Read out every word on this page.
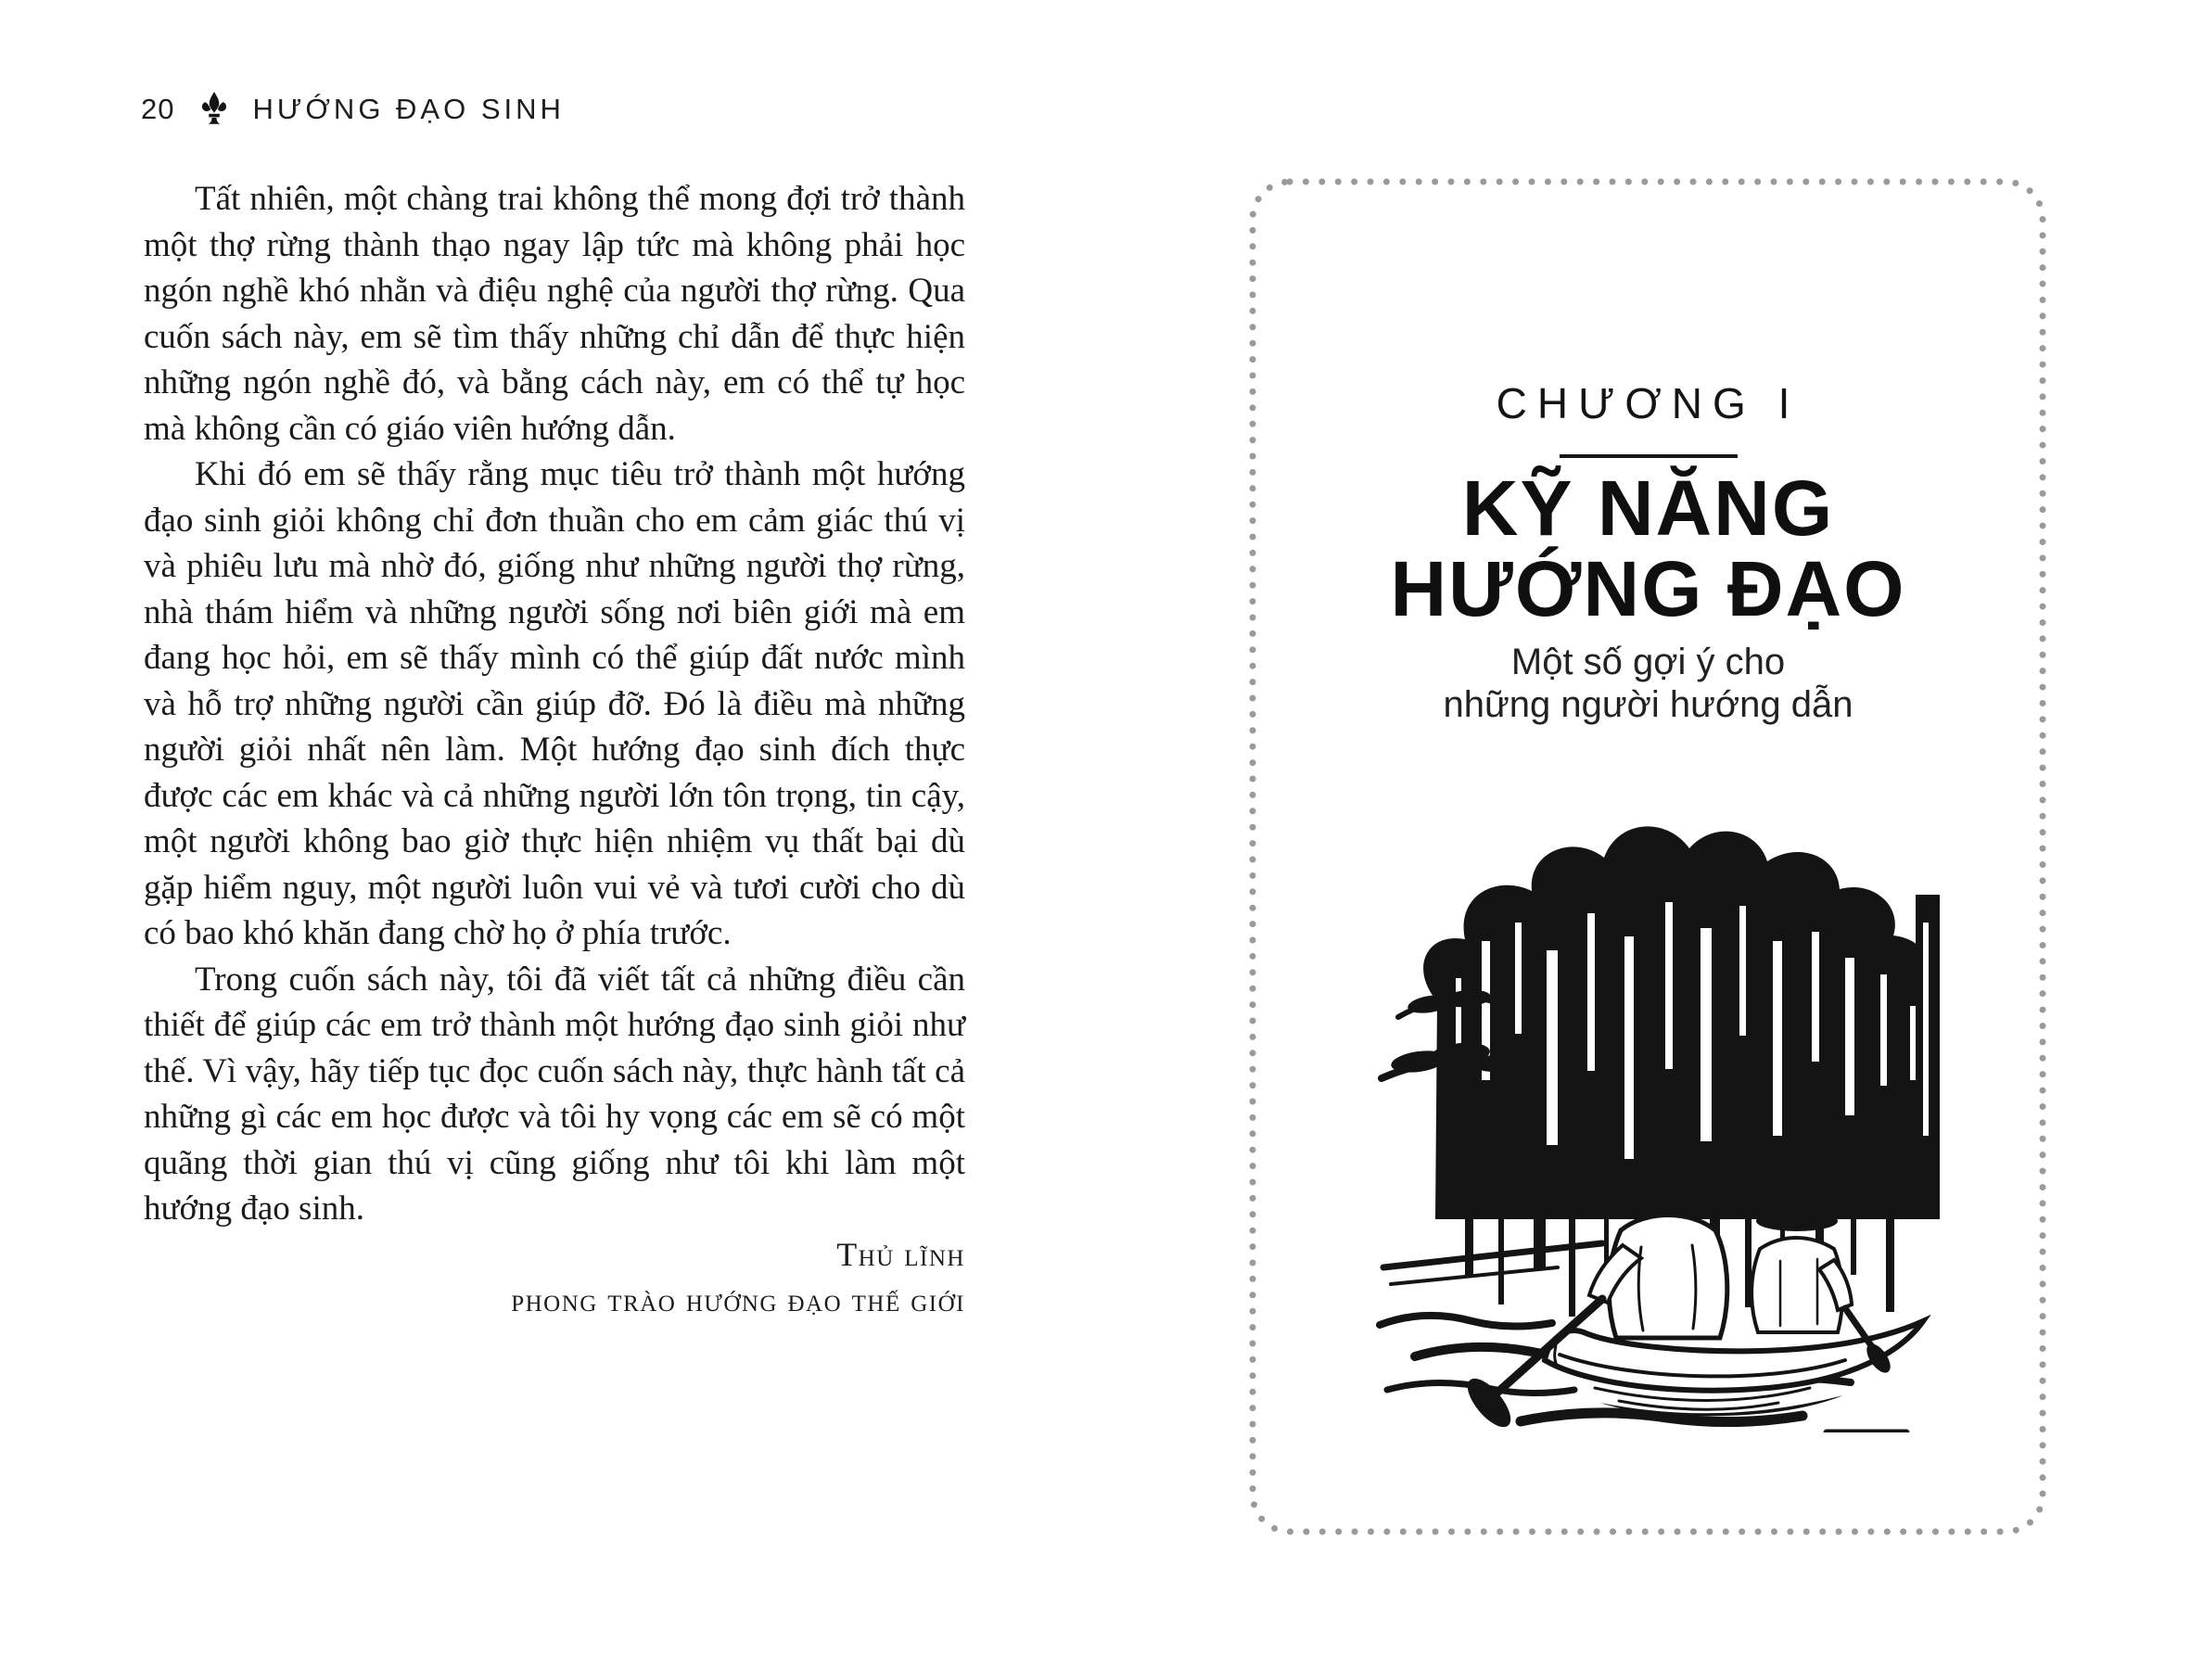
20	HƯỚNG ĐẠO SINH

Tất nhiên, một chàng trai không thể mong đợi trở thành một thợ rừng thành thạo ngay lập tức mà không phải học ngón nghề khó nhằn và điệu nghệ của người thợ rừng. Qua cuốn sách này, em sẽ tìm thấy những chỉ dẫn để thực hiện những ngón nghề đó, và bằng cách này, em có thể tự học mà không cần có giáo viên hướng dẫn.

Khi đó em sẽ thấy rằng mục tiêu trở thành một hướng đạo sinh giỏi không chỉ đơn thuần cho em cảm giác thú vị và phiêu lưu mà nhờ đó, giống như những người thợ rừng, nhà thám hiểm và những người sống nơi biên giới mà em đang học hỏi, em sẽ thấy mình có thể giúp đất nước mình và hỗ trợ những người cần giúp đỡ. Đó là điều mà những người giỏi nhất nên làm. Một hướng đạo sinh đích thực được các em khác và cả những người lớn tôn trọng, tin cậy, một người không bao giờ thực hiện nhiệm vụ thất bại dù gặp hiểm nguy, một người luôn vui vẻ và tươi cười cho dù có bao khó khăn đang chờ họ ở phía trước.

Trong cuốn sách này, tôi đã viết tất cả những điều cần thiết để giúp các em trở thành một hướng đạo sinh giỏi như thế. Vì vậy, hãy tiếp tục đọc cuốn sách này, thực hành tất cả những gì các em học được và tôi hy vọng các em sẽ có một quãng thời gian thú vị cũng giống như tôi khi làm một hướng đạo sinh.

Thủ lĩnh
phong trào hướng đạo thế giới
CHƯƠNG I
KỸ NĂNG
HƯỚNG ĐẠO
Một số gợi ý cho
những người hướng dẫn
